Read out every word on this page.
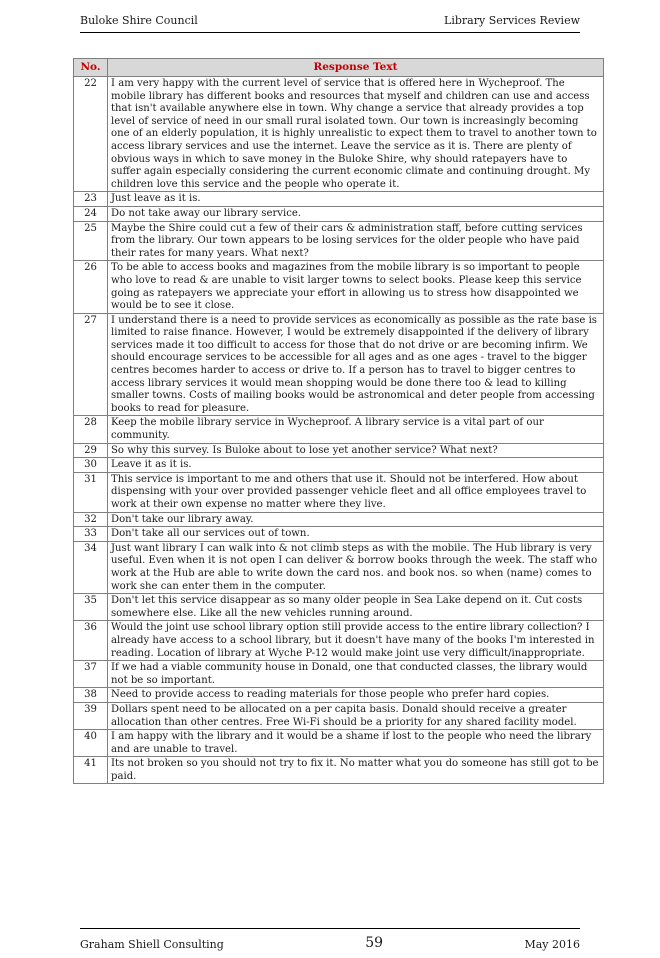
Buloke Shire Council	Library Services Review
No.	Response Text
22	I am very happy with the current level of service that is offered here in Wycheproof. The mobile library has different books and resources that myself and children can use and access that isn't available anywhere else in town. Why change a service that already provides a top level of service of need in our small rural isolated town. Our town is increasingly becoming one of an elderly population, it is highly unrealistic to expect them to travel to another town to access library services and use the internet. Leave the service as it is. There are plenty of obvious ways in which to save money in the Buloke Shire, why should ratepayers have to suffer again especially considering the current economic climate and continuing drought. My children love this service and the people who operate it.
23	Just leave as it is.
24	Do not take away our library service.
25	Maybe the Shire could cut a few of their cars & administration staff, before cutting services from the library. Our town appears to be losing services for the older people who have paid their rates for many years. What next?
26	To be able to access books and magazines from the mobile library is so important to people who love to read & are unable to visit larger towns to select books. Please keep this service going as ratepayers we appreciate your effort in allowing us to stress how disappointed we would be to see it close.
27	I understand there is a need to provide services as economically as possible as the rate base is limited to raise finance. However, I would be extremely disappointed if the delivery of library services made it too difficult to access for those that do not drive or are becoming infirm. We should encourage services to be accessible for all ages and as one ages - travel to the bigger centres becomes harder to access or drive to. If a person has to travel to bigger centres to access library services it would mean shopping would be done there too & lead to killing smaller towns. Costs of mailing books would be astronomical and deter people from accessing books to read for pleasure.
28	Keep the mobile library service in Wycheproof. A library service is a vital part of our community.
29	So why this survey. Is Buloke about to lose yet another service? What next?
30	Leave it as it is.
31	This service is important to me and others that use it. Should not be interfered. How about dispensing with your over provided passenger vehicle fleet and all office employees travel to work at their own expense no matter where they live.
32	Don't take our library away.
33	Don't take all our services out of town.
34	Just want library I can walk into & not climb steps as with the mobile. The Hub library is very useful. Even when it is not open I can deliver & borrow books through the week. The staff who work at the Hub are able to write down the card nos. and book nos. so when (name) comes to work she can enter them in the computer.
35	Don't let this service disappear as so many older people in Sea Lake depend on it. Cut costs somewhere else. Like all the new vehicles running around.
36	Would the joint use school library option still provide access to the entire library collection? I already have access to a school library, but it doesn't have many of the books I'm interested in reading. Location of library at Wyche P-12 would make joint use very difficult/inappropriate.
37	If we had a viable community house in Donald, one that conducted classes, the library would not be so important.
38	Need to provide access to reading materials for those people who prefer hard copies.
39	Dollars spent need to be allocated on a per capita basis. Donald should receive a greater allocation than other centres. Free Wi-Fi should be a priority for any shared facility model.
40	I am happy with the library and it would be a shame if lost to the people who need the library and are unable to travel.
41	Its not broken so you should not try to fix it. No matter what you do someone has still got to be paid.
Graham Shiell Consulting	59	May 2016
